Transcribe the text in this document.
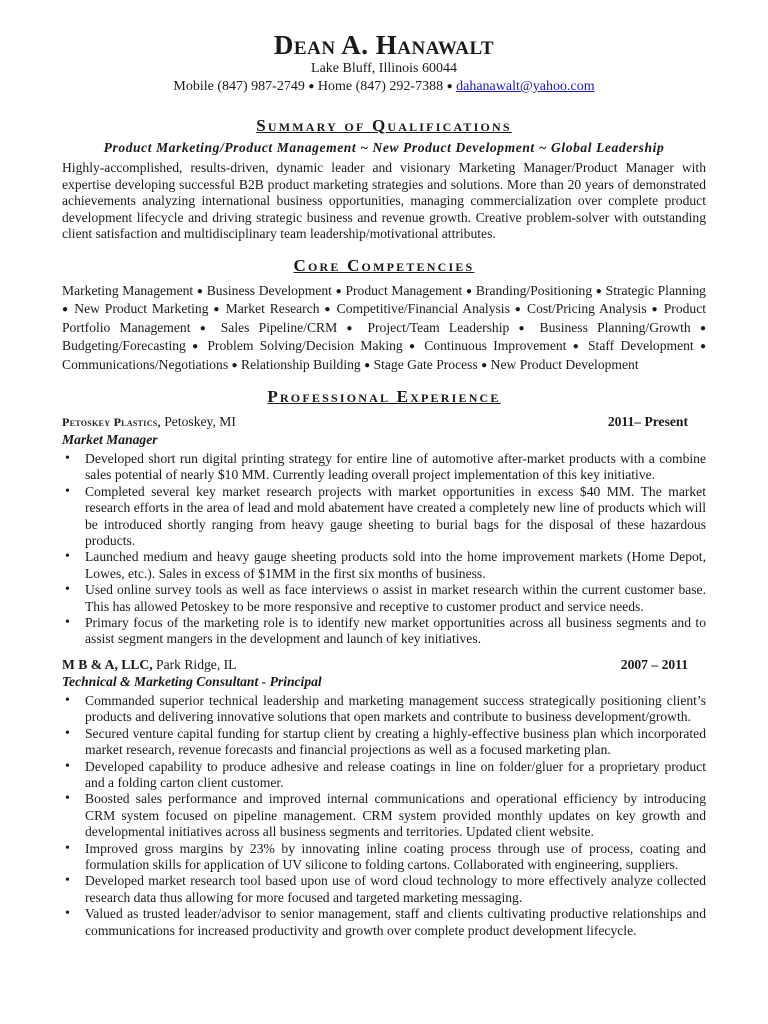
Dean A. Hanawalt
Lake Bluff, Illinois 60044
Mobile (847) 987-2749 ● Home (847) 292-7388 ● dahanawalt@yahoo.com
Summary of Qualifications
Product Marketing/Product Management ~ New Product Development ~ Global Leadership

Highly-accomplished, results-driven, dynamic leader and visionary Marketing Manager/Product Manager with expertise developing successful B2B product marketing strategies and solutions. More than 20 years of demonstrated achievements analyzing international business opportunities, managing commercialization over complete product development lifecycle and driving strategic business and revenue growth. Creative problem-solver with outstanding client satisfaction and multidisciplinary team leadership/motivational attributes.

Core Competencies

Marketing Management ● Business Development ● Product Management ● Branding/Positioning ● Strategic Planning ● New Product Marketing ● Market Research ● Competitive/Financial Analysis ● Cost/Pricing Analysis ● Product Portfolio Management ● Sales Pipeline/CRM ● Project/Team Leadership ● Business Planning/Growth ● Budgeting/Forecasting ● Problem Solving/Decision Making ● Continuous Improvement ● Staff Development ● Communications/Negotiations ● Relationship Building ● Stage Gate Process ● New Product Development

Professional Experience
Petoskey Plastics, Petoskey, MI	2011– Present
Market Manager
• Developed short run digital printing strategy for entire line of automotive after-market products with a combine sales potential of nearly $10 MM. Currently leading overall project implementation of this key initiative.
• Completed several key market research projects with market opportunities in excess $40 MM. The market research efforts in the area of lead and mold abatement have created a completely new line of products which will be introduced shortly ranging from heavy gauge sheeting to burial bags for the disposal of these hazardous products.
• Launched medium and heavy gauge sheeting products sold into the home improvement markets (Home Depot, Lowes, etc.). Sales in excess of $1MM in the first six months of business.
• Used online survey tools as well as face interviews o assist in market research within the current customer base. This has allowed Petoskey to be more responsive and receptive to customer product and service needs.
• Primary focus of the marketing role is to identify new market opportunities across all business segments and to assist segment mangers in the development and launch of key initiatives.
M B & A, LLC, Park Ridge, IL	2007 – 2011
Technical & Marketing Consultant - Principal
• Commanded superior technical leadership and marketing management success strategically positioning client’s products and delivering innovative solutions that open markets and contribute to business development/growth.
• Secured venture capital funding for startup client by creating a highly-effective business plan which incorporated market research, revenue forecasts and financial projections as well as a focused marketing plan.
• Developed capability to produce adhesive and release coatings in line on folder/gluer for a proprietary product and a folding carton client customer.
• Boosted sales performance and improved internal communications and operational efficiency by introducing CRM system focused on pipeline management. CRM system provided monthly updates on key growth and developmental initiatives across all business segments and territories. Updated client website.
• Improved gross margins by 23% by innovating inline coating process through use of process, coating and formulation skills for application of UV silicone to folding cartons. Collaborated with engineering, suppliers.
• Developed market research tool based upon use of word cloud technology to more effectively analyze collected research data thus allowing for more focused and targeted marketing messaging.
• Valued as trusted leader/advisor to senior management, staff and clients cultivating productive relationships and communications for increased productivity and growth over complete product development lifecycle.
